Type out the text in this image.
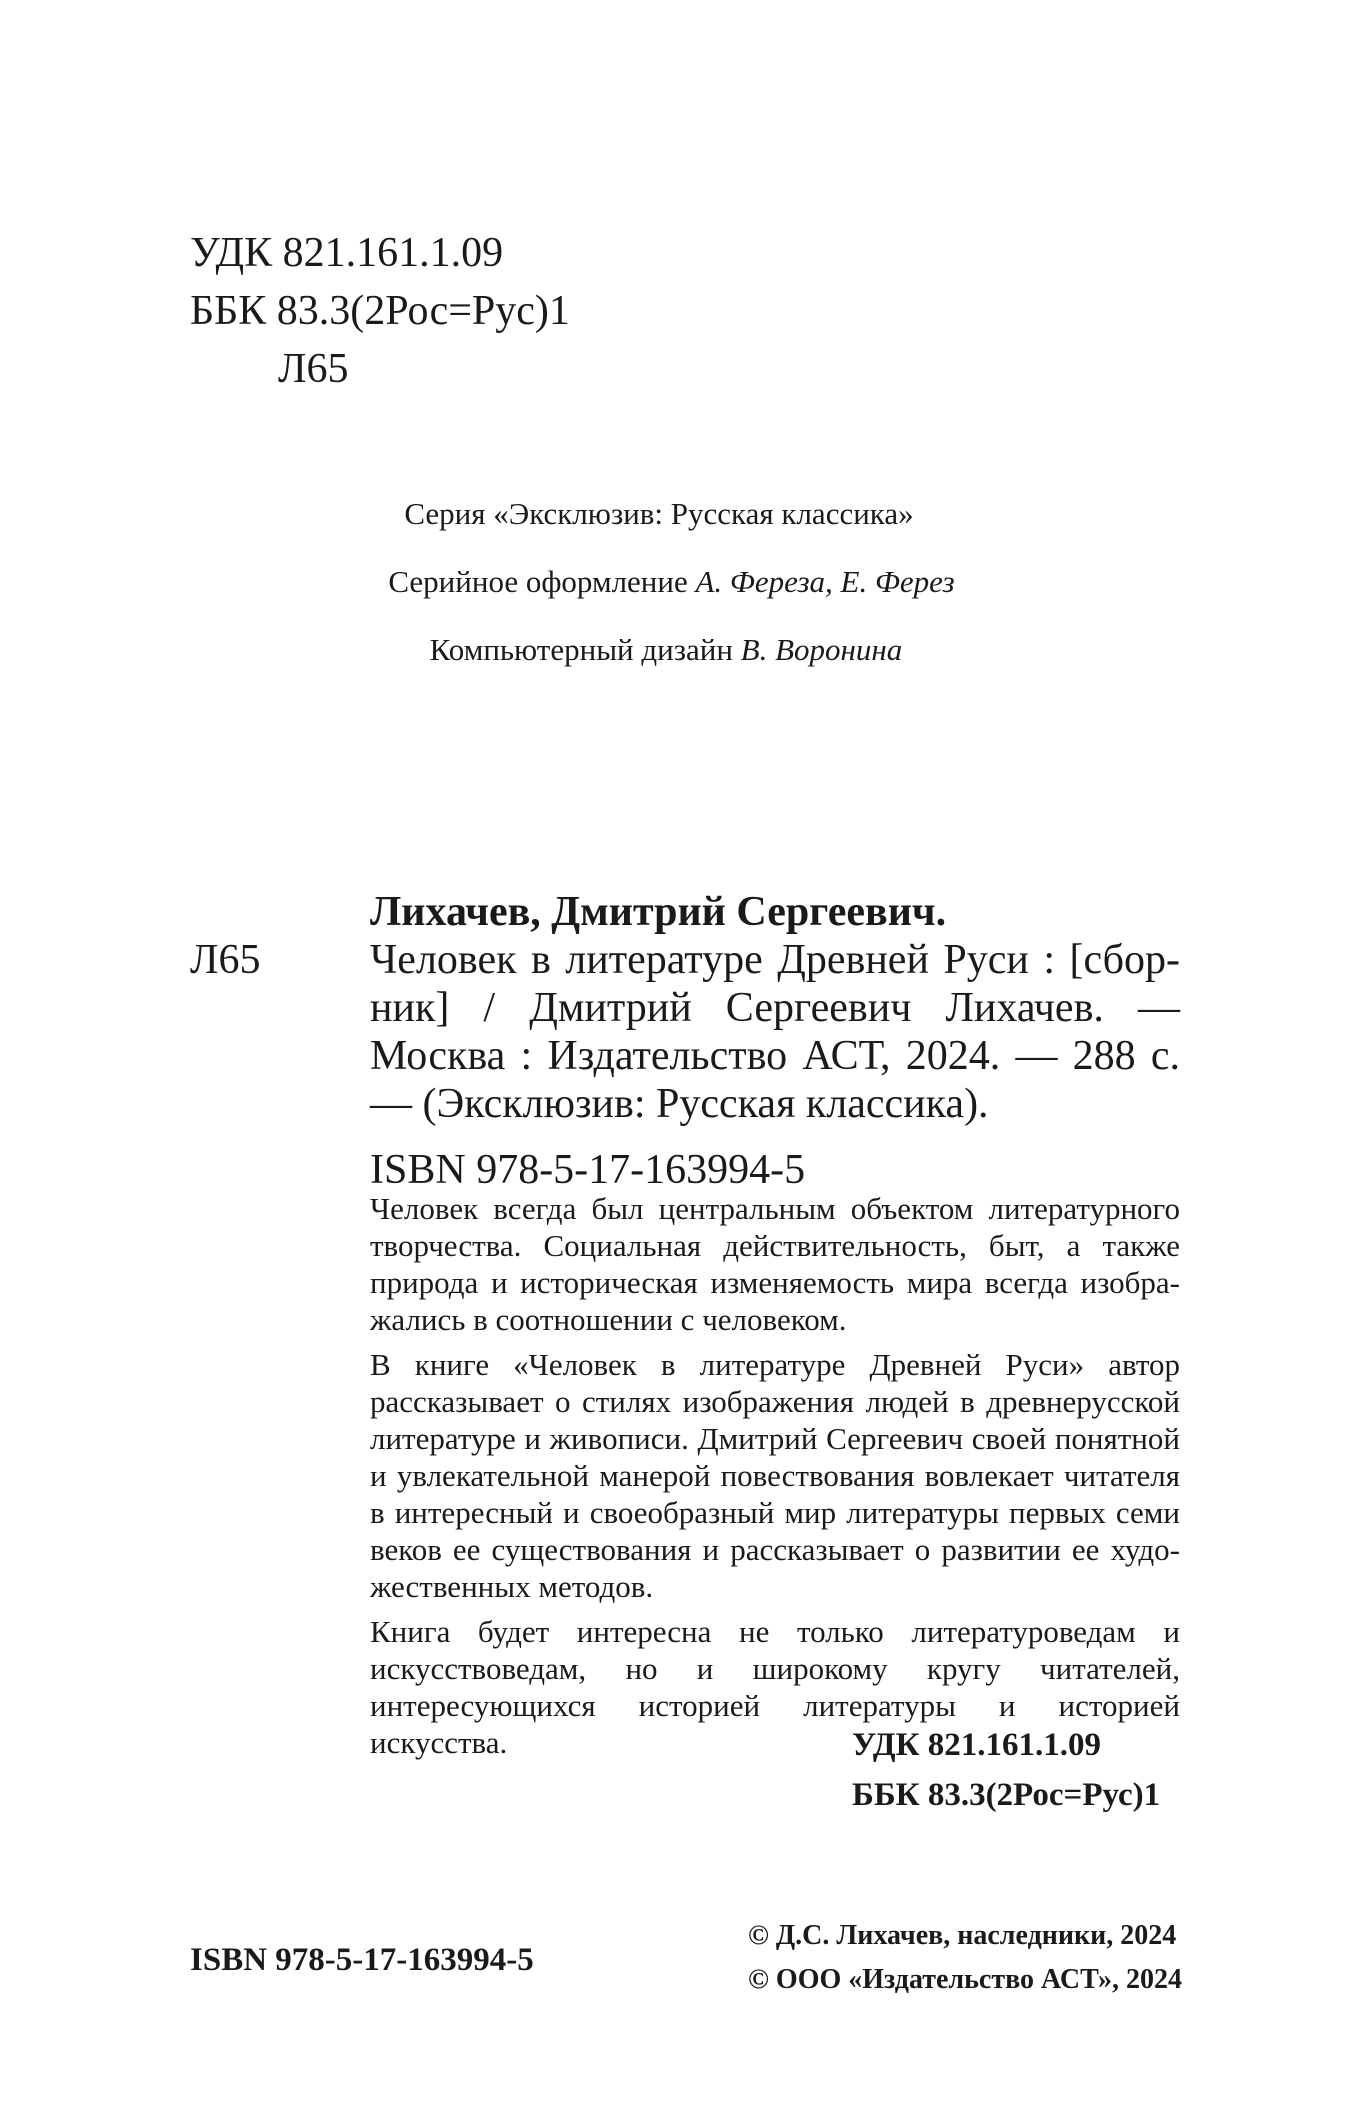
УДК 821.161.1.09
ББК 83.3(2Рос=Рус)1
Л65
Серия «Эксклюзив: Русская классика»
Серийное оформление А. Фереза, Е. Ферез
Компьютерный дизайн В. Воронина
Л65
Лихачев, Дмитрий Сергеевич.
Человек в литературе Древней Руси : [сборник] / Дмитрий Сергеевич Лихачев. — Москва : Издательство АСТ, 2024. — 288 с. — (Эксклюзив: Русская классика).
ISBN 978-5-17-163994-5

Человек всегда был центральным объектом литературного творчества. Социальная действительность, быт, а также природа и историческая изменяемость мира всегда изображались в соотношении с человеком.

В книге «Человек в литературе Древней Руси» автор рассказывает о стилях изображения людей в древнерусской литературе и живописи. Дмитрий Сергеевич своей понятной и увлекательной манерой повествования вовлекает читателя в интересный и своеобразный мир литературы первых семи веков ее существования и рассказывает о развитии ее художественных методов.

Книга будет интересна не только литературоведам и искусствоведам, но и широкому кругу читателей, интересующихся историей литературы и историей искусства.	УДК 821.161.1.09
ББК 83.3(2Рос=Рус)1
ISBN 978-5-17-163994-5
© Д.С. Лихачев, наследники, 2024
© ООО «Издательство АСТ», 2024
